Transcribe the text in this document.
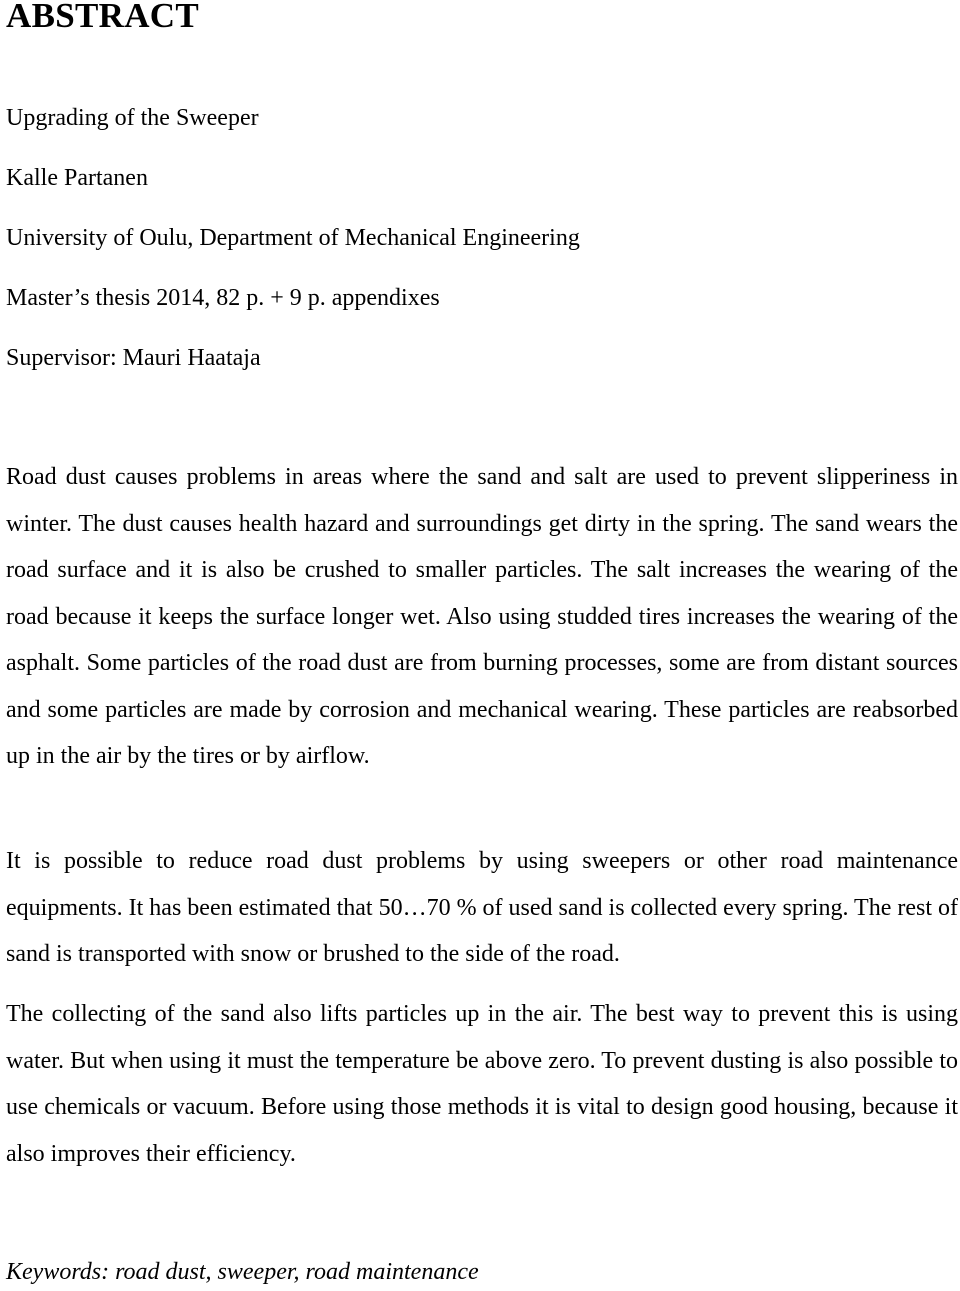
ABSTRACT

Upgrading of the Sweeper

Kalle Partanen

University of Oulu, Department of Mechanical Engineering

Master’s thesis 2014, 82 p. + 9 p. appendixes

Supervisor: Mauri Haataja

Road dust causes problems in areas where the sand and salt are used to prevent slipperiness in winter. The dust causes health hazard and surroundings get dirty in the spring. The sand wears the road surface and it is also be crushed to smaller particles. The salt increases the wearing of the road because it keeps the surface longer wet. Also using studded tires increases the wearing of the asphalt. Some particles of the road dust are from burning processes, some are from distant sources and some particles are made by corrosion and mechanical wearing. These particles are reabsorbed up in the air by the tires or by airflow.

It is possible to reduce road dust problems by using sweepers or other road maintenance equipments. It has been estimated that 50…70 % of used sand is collected every spring. The rest of sand is transported with snow or brushed to the side of the road.

The collecting of the sand also lifts particles up in the air. The best way to prevent this is using water. But when using it must the temperature be above zero. To prevent dusting is also possible to use chemicals or vacuum. Before using those methods it is vital to design good housing, because it also improves their efficiency.

Keywords: road dust, sweeper, road maintenance
